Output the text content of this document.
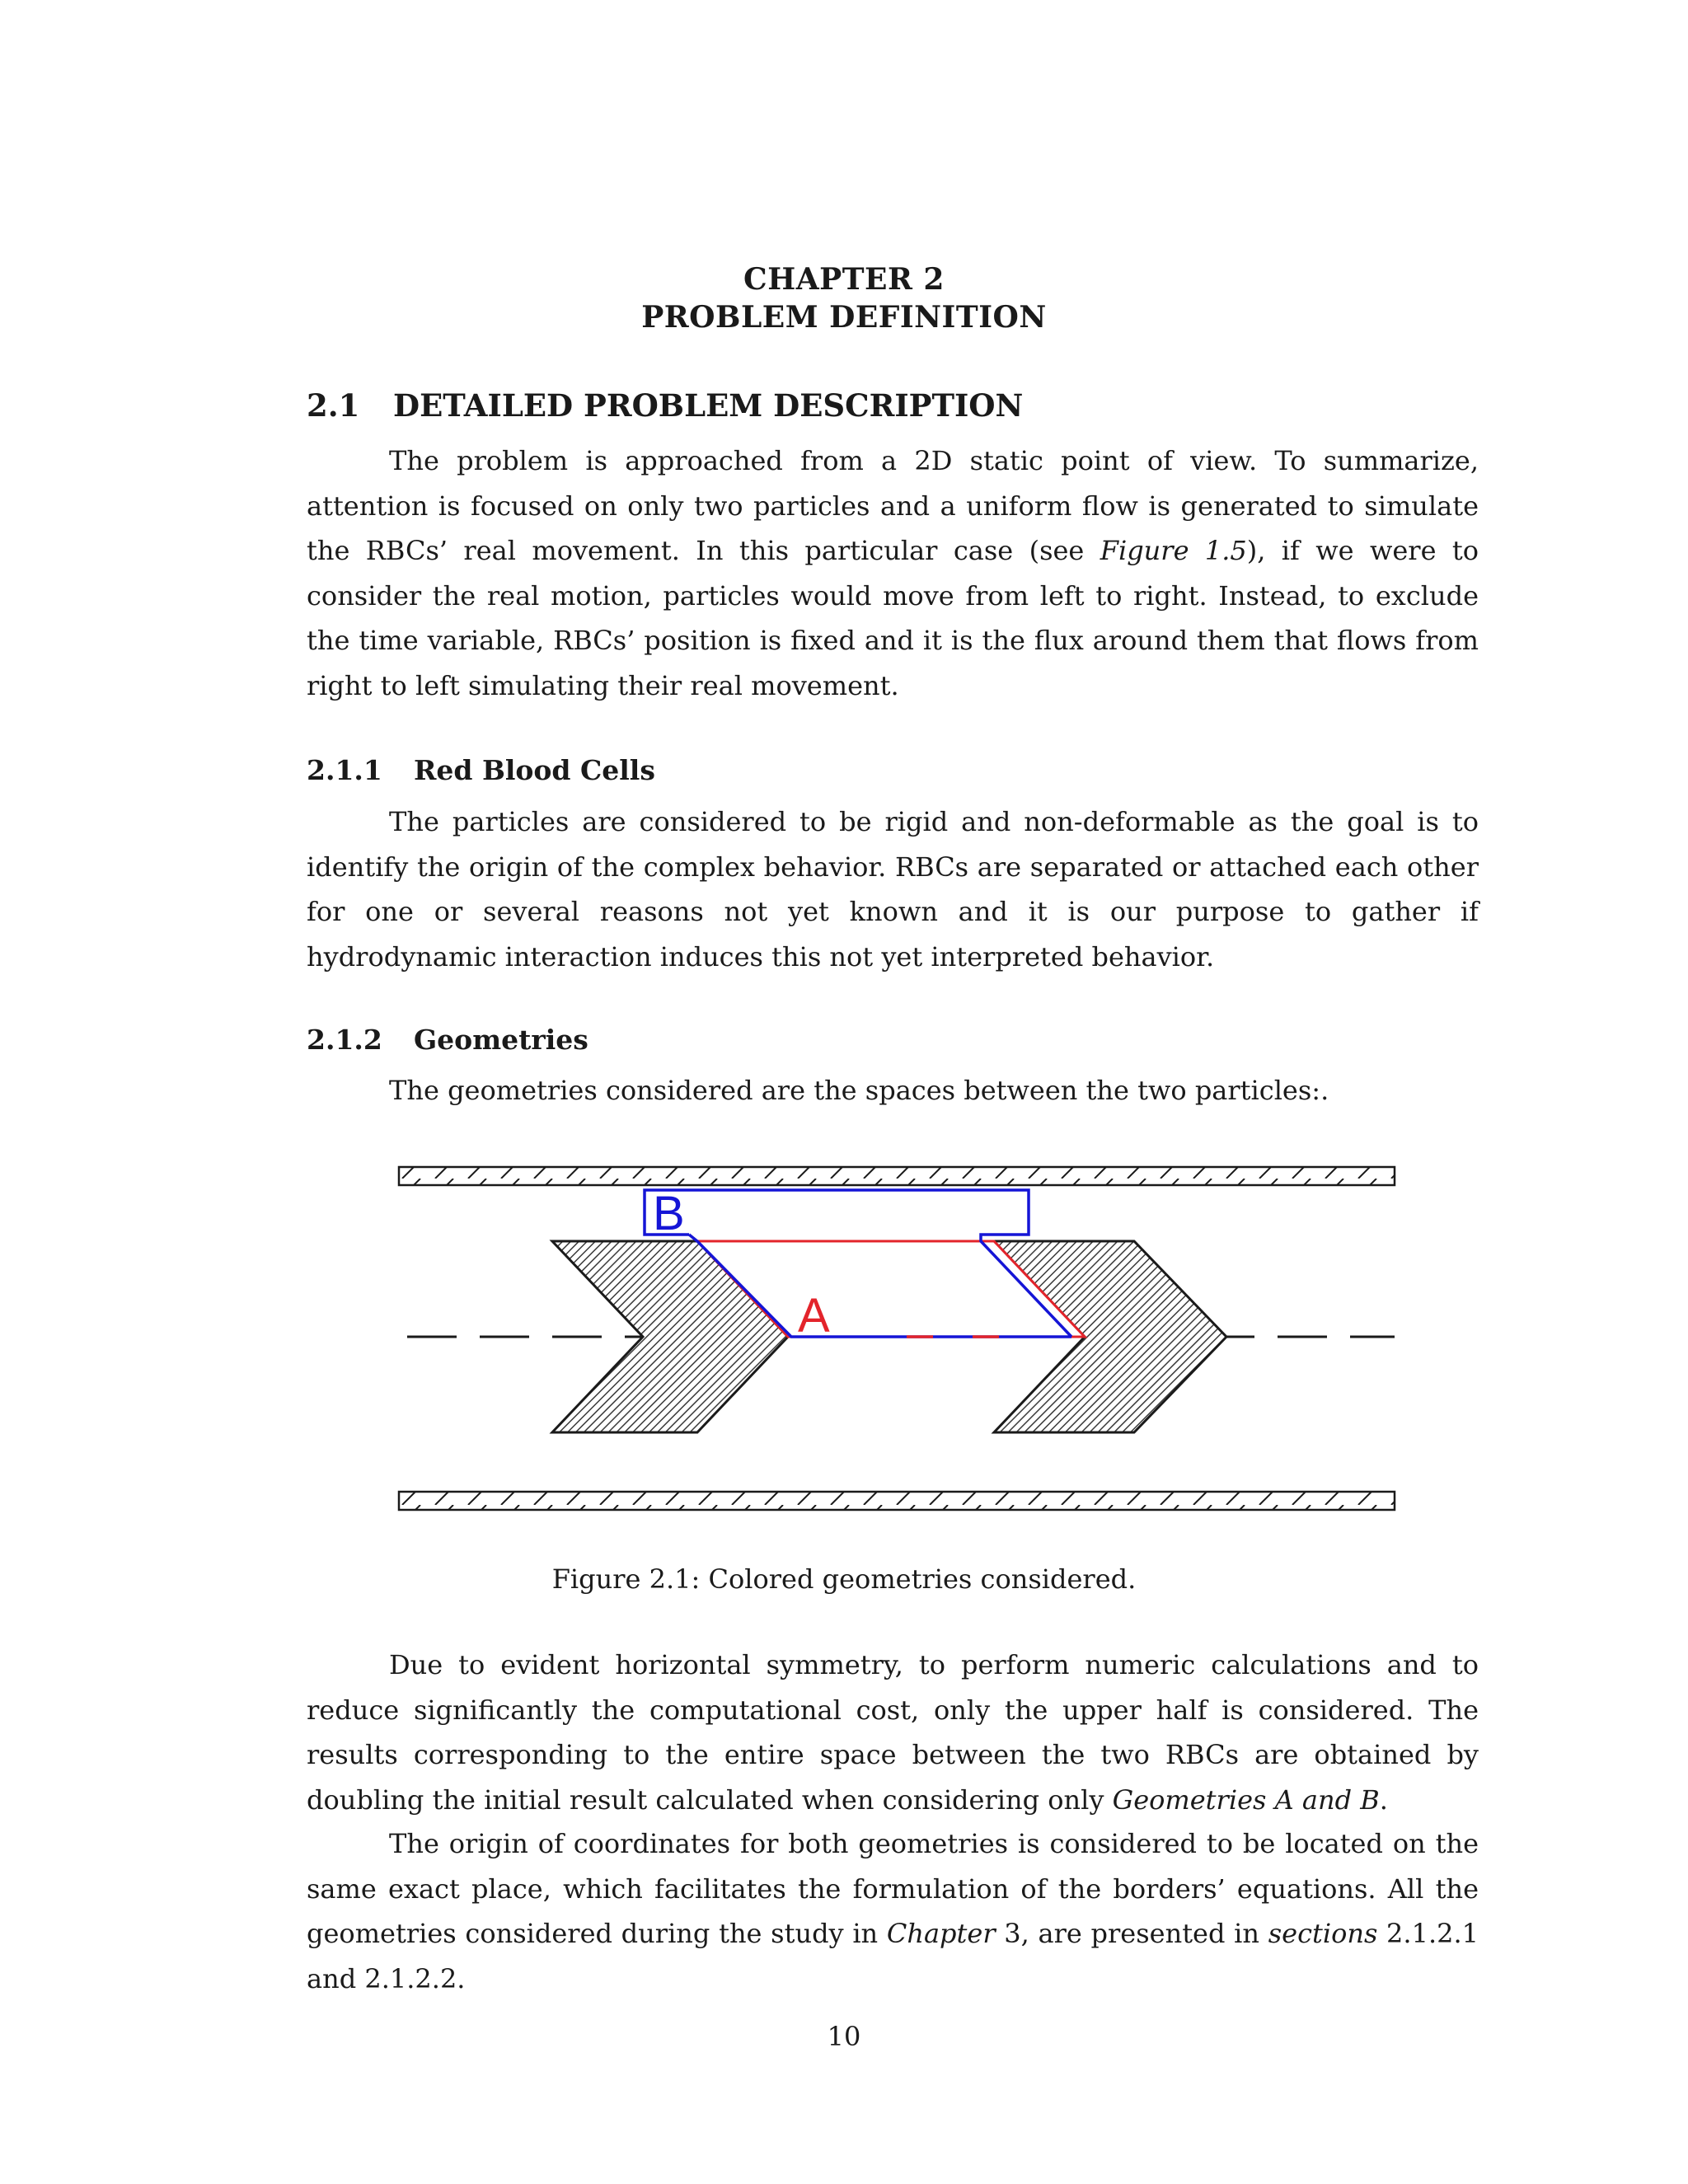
CHAPTER 2
PROBLEM DEFINITION
2.1 DETAILED PROBLEM DESCRIPTION

The problem is approached from a 2D static point of view. To summarize, attention is focused on only two particles and a uniform flow is generated to simulate the RBCs’ real movement. In this particular case (see Figure 1.5), if we were to consider the real motion, particles would move from left to right. Instead, to exclude the time variable, RBCs’ position is fixed and it is the flux around them that flows from right to left simulating their real movement.

2.1.1 Red Blood Cells

The particles are considered to be rigid and non-deformable as the goal is to identify the origin of the complex behavior. RBCs are separated or attached each other for one or several reasons not yet known and it is our purpose to gather if hydrodynamic interaction induces this not yet interpreted behavior.

2.1.2 Geometries

The geometries considered are the spaces between the two particles:.

B
A
Figure 2.1: Colored geometries considered.

Due to evident horizontal symmetry, to perform numeric calculations and to reduce significantly the computational cost, only the upper half is considered. The results corresponding to the entire space between the two RBCs are obtained by doubling the initial result calculated when considering only Geometries A and B.

The origin of coordinates for both geometries is considered to be located on the same exact place, which facilitates the formulation of the borders’ equations. All the geometries considered during the study in Chapter 3, are presented in sections 2.1.2.1 and 2.1.2.2.

10
